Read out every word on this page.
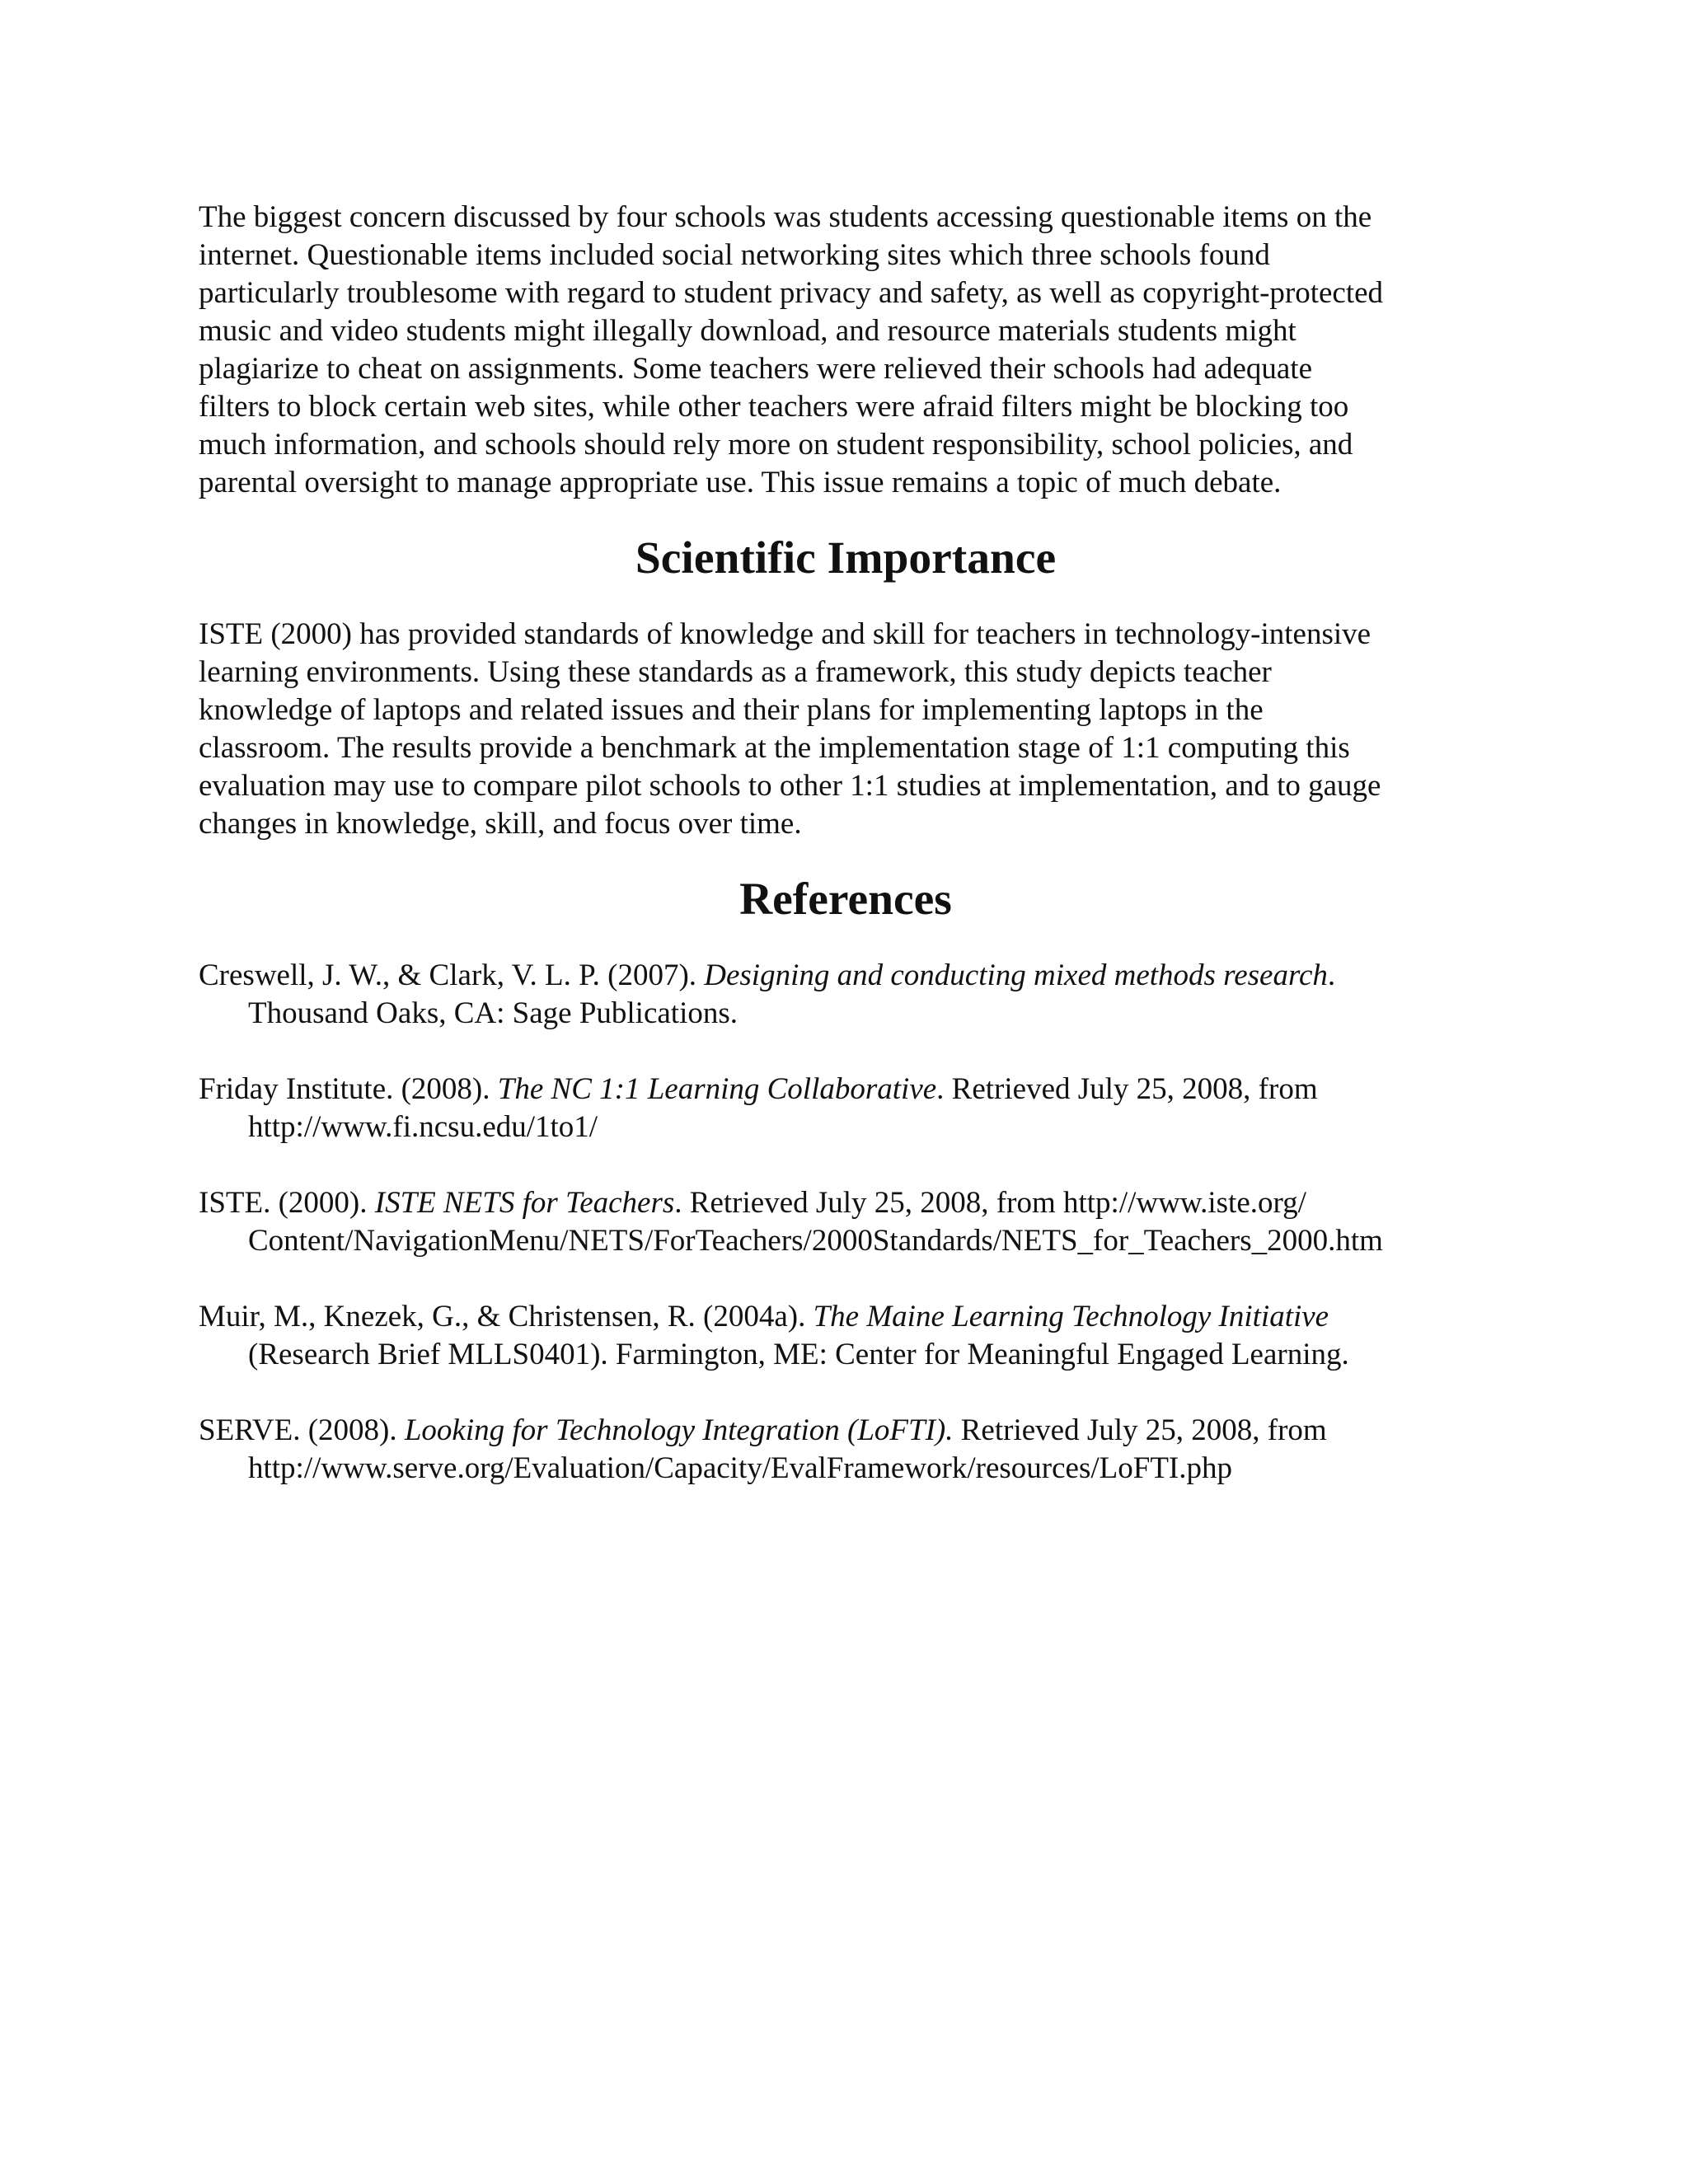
The biggest concern discussed by four schools was students accessing questionable items on the
internet. Questionable items included social networking sites which three schools found
particularly troublesome with regard to student privacy and safety, as well as copyright-protected
music and video students might illegally download, and resource materials students might
plagiarize to cheat on assignments. Some teachers were relieved their schools had adequate
filters to block certain web sites, while other teachers were afraid filters might be blocking too
much information, and schools should rely more on student responsibility, school policies, and
parental oversight to manage appropriate use. This issue remains a topic of much debate.

Scientific Importance

ISTE (2000) has provided standards of knowledge and skill for teachers in technology-intensive
learning environments. Using these standards as a framework, this study depicts teacher
knowledge of laptops and related issues and their plans for implementing laptops in the
classroom. The results provide a benchmark at the implementation stage of 1:1 computing this
evaluation may use to compare pilot schools to other 1:1 studies at implementation, and to gauge
changes in knowledge, skill, and focus over time.

References

Creswell, J. W., & Clark, V. L. P. (2007). Designing and conducting mixed methods research.
Thousand Oaks, CA: Sage Publications.

Friday Institute. (2008). The NC 1:1 Learning Collaborative. Retrieved July 25, 2008, from
http://www.fi.ncsu.edu/1to1/

ISTE. (2000). ISTE NETS for Teachers. Retrieved July 25, 2008, from http://www.iste.org/
Content/NavigationMenu/NETS/ForTeachers/2000Standards/NETS_for_Teachers_2000.htm

Muir, M., Knezek, G., & Christensen, R. (2004a). The Maine Learning Technology Initiative
(Research Brief MLLS0401). Farmington, ME: Center for Meaningful Engaged Learning.

SERVE. (2008). Looking for Technology Integration (LoFTI). Retrieved July 25, 2008, from
http://www.serve.org/Evaluation/Capacity/EvalFramework/resources/LoFTI.php
